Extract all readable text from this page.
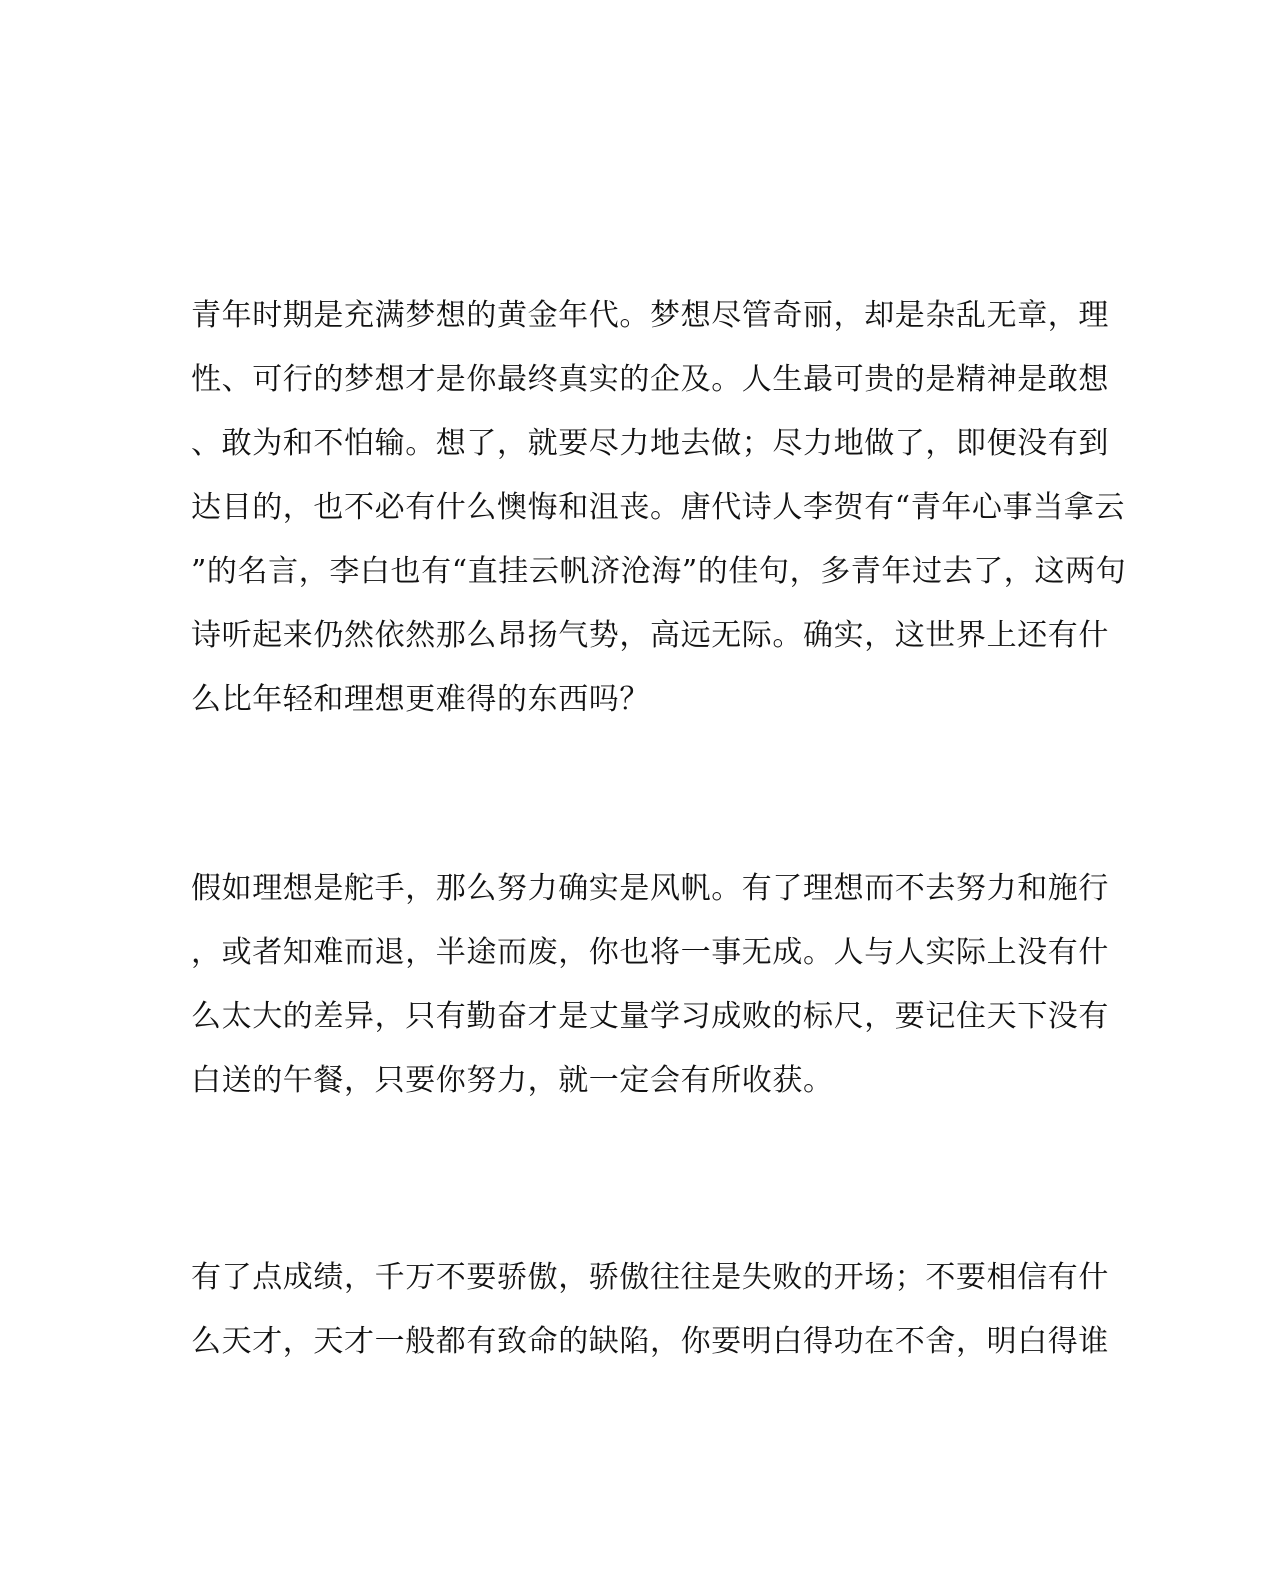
青年时期是充满梦想的黄金年代。梦想尽管奇丽，却是杂乱无章，理
性、可行的梦想才是你最终真实的企及。人生最可贵的是精神是敢想
、敢为和不怕输。想了，就要尽力地去做；尽力地做了，即便没有到
达目的，也不必有什么懊悔和沮丧。唐代诗人李贺有“青年心事当拿云
”的名言，李白也有“直挂云帆济沧海”的佳句，多青年过去了，这两句
诗听起来仍然依然那么昂扬气势，高远无际。确实，这世界上还有什
么比年轻和理想更难得的东西吗？
假如理想是舵手，那么努力确实是风帆。有了理想而不去努力和施行
，或者知难而退，半途而废，你也将一事无成。人与人实际上没有什
么太大的差异，只有勤奋才是丈量学习成败的标尺，要记住天下没有
白送的午餐，只要你努力，就一定会有所收获。
有了点成绩，千万不要骄傲，骄傲往往是失败的开场；不要相信有什
么天才，天才一般都有致命的缺陷，你要明白得功在不舍，明白得谁
